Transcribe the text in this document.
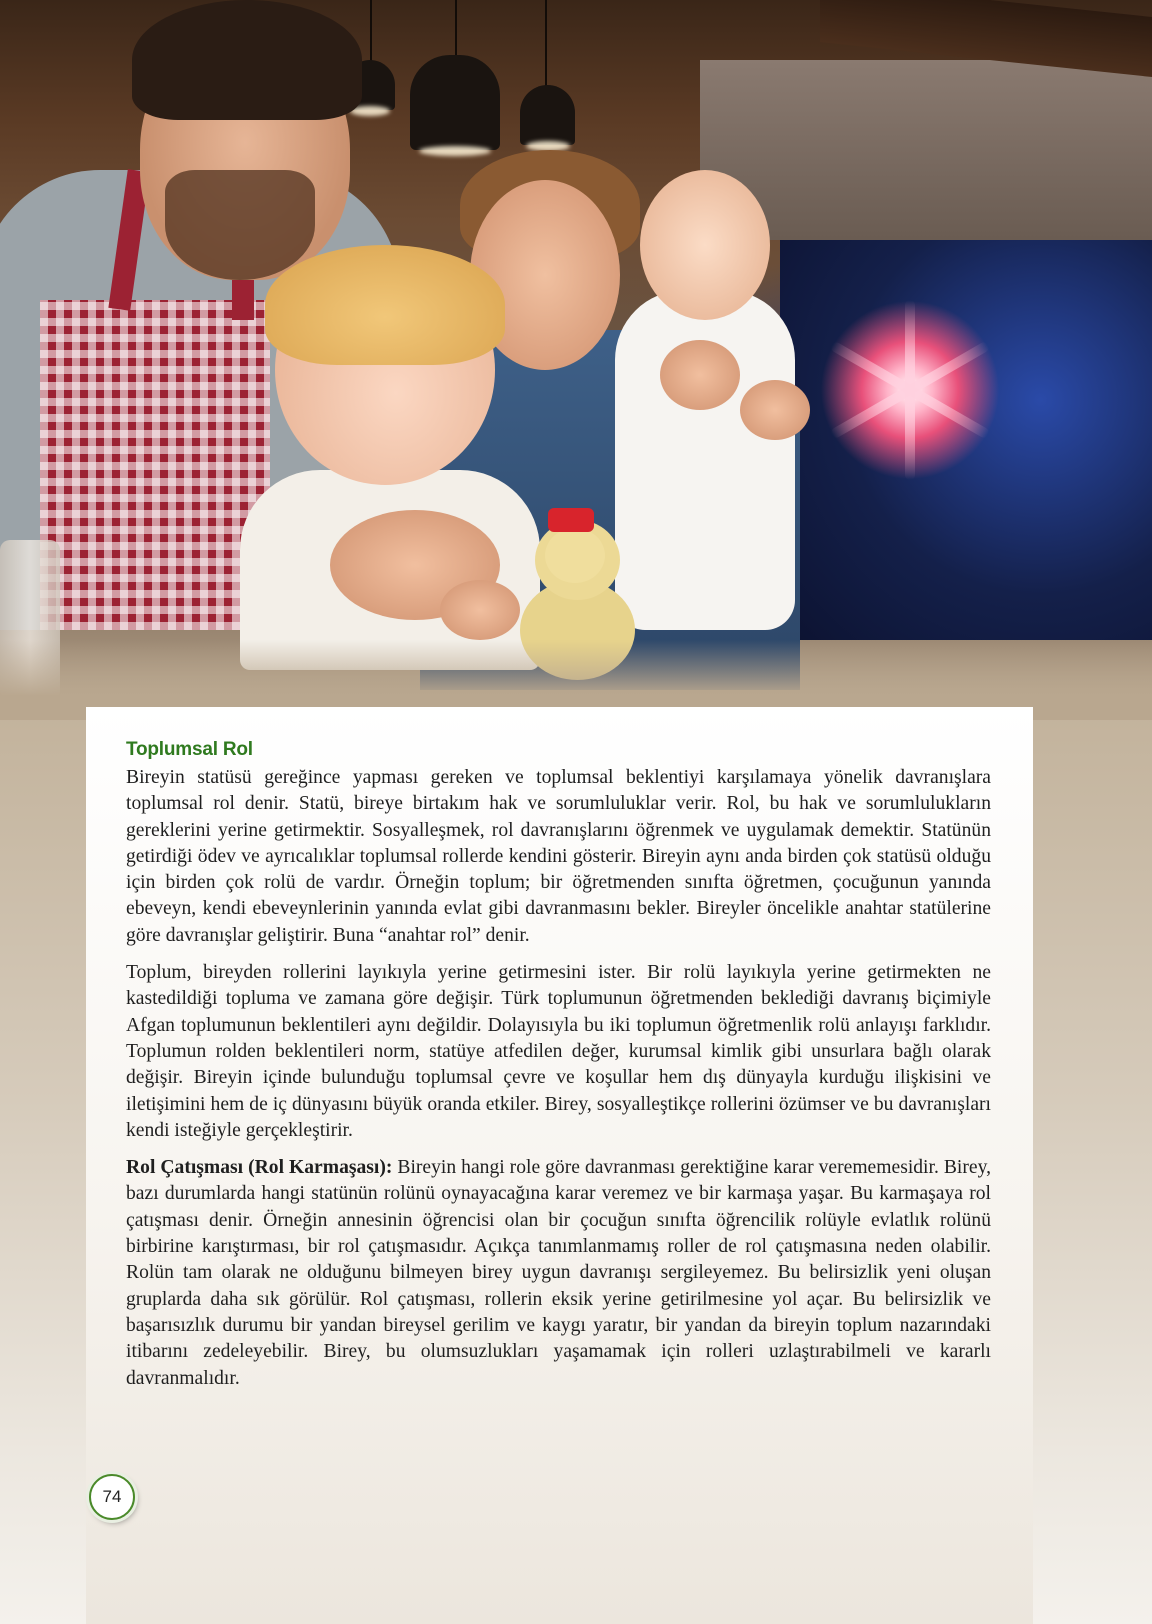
Toplumsal Rol

Bireyin statüsü gereğince yapması gereken ve toplumsal beklentiyi karşılamaya yönelik davranışlara toplumsal rol denir. Statü, bireye birtakım hak ve sorumluluklar verir. Rol, bu hak ve sorumlulukların gereklerini yerine getirmektir. Sosyalleşmek, rol davranışlarını öğrenmek ve uygulamak demektir. Statünün getirdiği ödev ve ayrıcalıklar toplumsal rollerde kendini gösterir. Bireyin aynı anda birden çok statüsü olduğu için birden çok rolü de vardır. Örneğin toplum; bir öğretmenden sınıfta öğretmen, çocuğunun yanında ebeveyn, kendi ebeveynlerinin yanında evlat gibi davranmasını bekler. Bireyler öncelikle anahtar statülerine göre davranışlar geliştirir. Buna “anahtar rol” denir.

Toplum, bireyden rollerini layıkıyla yerine getirmesini ister. Bir rolü layıkıyla yerine getirmekten ne kastedildiği topluma ve zamana göre değişir. Türk toplumunun öğretmenden beklediği davranış biçimiyle Afgan toplumunun beklentileri aynı değildir. Dolayısıyla bu iki toplumun öğretmenlik rolü anlayışı farklıdır. Toplumun rolden beklentileri norm, statüye atfedilen değer, kurumsal kimlik gibi unsurlara bağlı olarak değişir. Bireyin içinde bulunduğu toplumsal çevre ve koşullar hem dış dünyayla kurduğu ilişkisini ve iletişimini hem de iç dünyasını büyük oranda etkiler. Birey, sosyalleştikçe rollerini özümser ve bu davranışları kendi isteğiyle gerçekleştirir.

Rol Çatışması (Rol Karmaşası): Bireyin hangi role göre davranması gerektiğine karar verememesidir. Birey, bazı durumlarda hangi statünün rolünü oynayacağına karar veremez ve bir karmaşa yaşar. Bu karmaşaya rol çatışması denir. Örneğin annesinin öğrencisi olan bir çocuğun sınıfta öğrencilik rolüyle evlatlık rolünü birbirine karıştırması, bir rol çatışmasıdır. Açıkça tanımlanmamış roller de rol çatışmasına neden olabilir. Rolün tam olarak ne olduğunu bilmeyen birey uygun davranışı sergileyemez. Bu belirsizlik yeni oluşan gruplarda daha sık görülür. Rol çatışması, rollerin eksik yerine getirilmesine yol açar. Bu belirsizlik ve başarısızlık durumu bir yandan bireysel gerilim ve kaygı yaratır, bir yandan da bireyin toplum nazarındaki itibarını zedeleyebilir. Birey, bu olumsuzlukları yaşamamak için rolleri uzlaştırabilmeli ve kararlı davranmalıdır.

74
